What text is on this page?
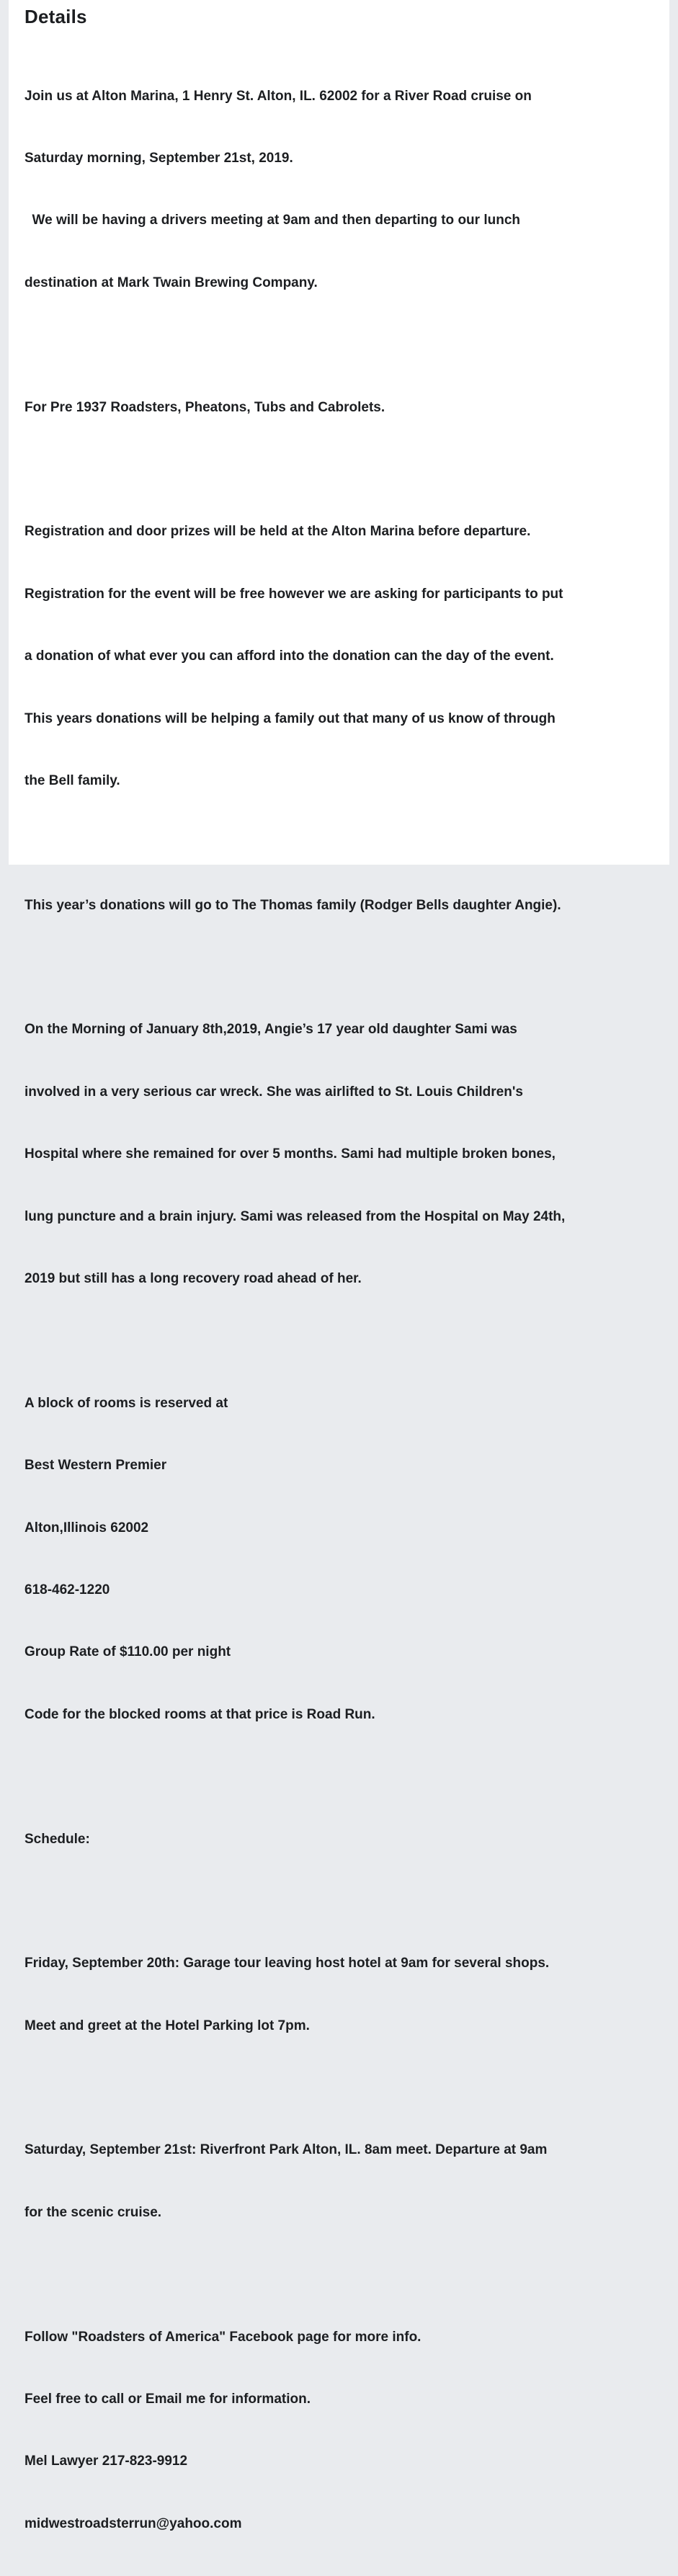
Details

Join us at Alton Marina, 1 Henry St. Alton, IL. 62002 for a River Road cruise on

Saturday morning, September 21st, 2019.

We will be having a drivers meeting at 9am and then departing to our lunch

destination at Mark Twain Brewing Company.

For Pre 1937 Roadsters, Pheatons, Tubs and Cabrolets.

Registration and door prizes will be held at the Alton Marina before departure.

Registration for the event will be free however we are asking for participants to put

a donation of what ever you can afford into the donation can the day of the event.

This years donations will be helping a family out that many of us know of through

the Bell family.

This year’s donations will go to The Thomas family (Rodger Bells daughter Angie).

On the Morning of January 8th,2019, Angie’s 17 year old daughter Sami was

involved in a very serious car wreck. She was airlifted to St. Louis Children's

Hospital where she remained for over 5 months. Sami had multiple broken bones,

lung puncture and a brain injury. Sami was released from the Hospital on May 24th,

2019 but still has a long recovery road ahead of her.

A block of rooms is reserved at

Best Western Premier

Alton,Illinois 62002

618-462-1220

Group Rate of $110.00 per night

Code for the blocked rooms at that price is Road Run.

Schedule:

Friday, September 20th: Garage tour leaving host hotel at 9am for several shops.

Meet and greet at the Hotel Parking lot 7pm.

Saturday, September 21st: Riverfront Park Alton, IL. 8am meet. Departure at 9am

for the scenic cruise.

Follow "Roadsters of America" Facebook page for more info.

Feel free to call or Email me for information.

Mel Lawyer 217-823-9912

midwestroadsterrun@yahoo.com
